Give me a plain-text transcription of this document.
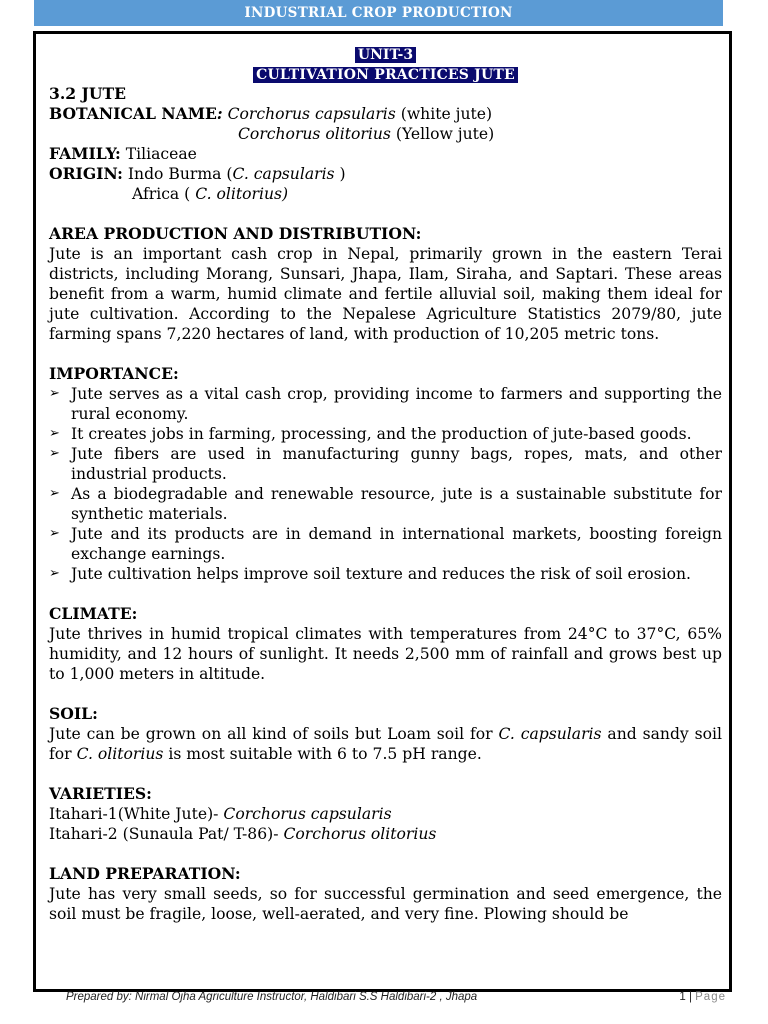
INDUSTRIAL CROP PRODUCTION
UNIT-3
CULTIVATION PRACTICES JUTE

3.2 JUTE

BOTANICAL NAME: Corchorus capsularis (white jute)

Corchorus olitorius (Yellow jute)

FAMILY: Tiliaceae

ORIGIN: Indo Burma (C. capsularis )

Africa ( C. olitorius)

AREA PRODUCTION AND DISTRIBUTION:

Jute is an important cash crop in Nepal, primarily grown in the eastern Terai districts, including Morang, Sunsari, Jhapa, Ilam, Siraha, and Saptari. These areas benefit from a warm, humid climate and fertile alluvial soil, making them ideal for jute cultivation. According to the Nepalese Agriculture Statistics 2079/80, jute farming spans 7,220 hectares of land, with production of 10,205 metric tons.

IMPORTANCE:

➢ Jute serves as a vital cash crop, providing income to farmers and supporting the rural economy.
➢ It creates jobs in farming, processing, and the production of jute-based goods.
➢ Jute fibers are used in manufacturing gunny bags, ropes, mats, and other industrial products.
➢ As a biodegradable and renewable resource, jute is a sustainable substitute for synthetic materials.
➢ Jute and its products are in demand in international markets, boosting foreign exchange earnings.
➢ Jute cultivation helps improve soil texture and reduces the risk of soil erosion.

CLIMATE:

Jute thrives in humid tropical climates with temperatures from 24°C to 37°C, 65% humidity, and 12 hours of sunlight. It needs 2,500 mm of rainfall and grows best up to 1,000 meters in altitude.

SOIL:

Jute can be grown on all kind of soils but Loam soil for C. capsularis and sandy soil for C. olitorius is most suitable with 6 to 7.5 pH range.

VARIETIES:

Itahari-1(White Jute)- Corchorus capsularis

Itahari-2 (Sunaula Pat/ T-86)- Corchorus olitorius

LAND PREPARATION:

Jute has very small seeds, so for successful germination and seed emergence, the soil must be fragile, loose, well-aerated, and very fine. Plowing should be

Prepared by: Nirmal Ojha Agriculture Instructor, Haldibari S.S Haldibari-2 , Jhapa	1 | Page
